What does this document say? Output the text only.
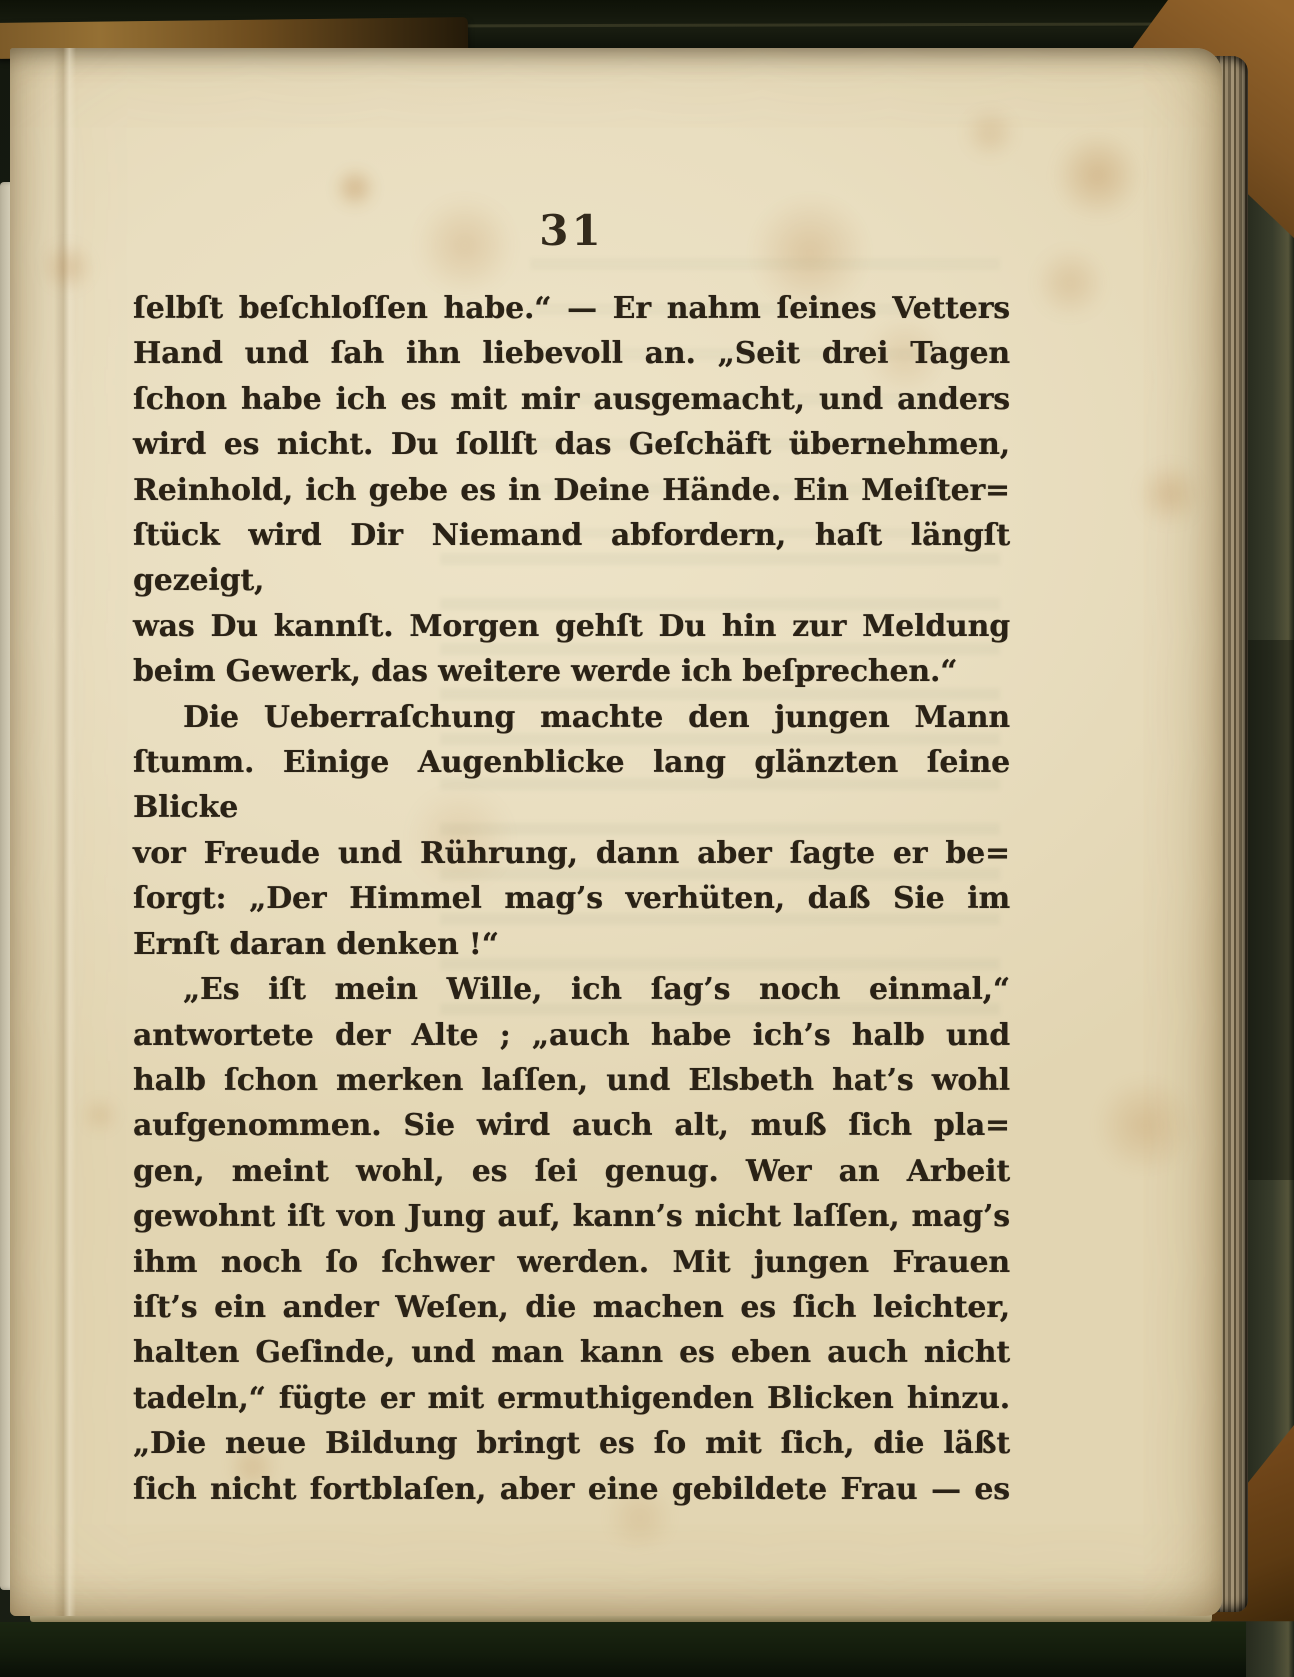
31
ſelbſt beſchloſſen habe.“ — Er nahm ſeines Vetters
Hand und ſah ihn liebevoll an. „Seit drei Tagen
ſchon habe ich es mit mir ausgemacht, und anders
wird es nicht. Du ſollſt das Geſchäft übernehmen,
Reinhold, ich gebe es in Deine Hände. Ein Meiſter=
ſtück wird Dir Niemand abfordern, haſt längſt gezeigt,
was Du kannſt. Morgen gehſt Du hin zur Meldung
beim Gewerk, das weitere werde ich beſprechen.“
Die Ueberraſchung machte den jungen Mann
ſtumm. Einige Augenblicke lang glänzten ſeine Blicke
vor Freude und Rührung, dann aber ſagte er be=
ſorgt: „Der Himmel mag’s verhüten, daß Sie im
Ernſt daran denken !“
„Es iſt mein Wille, ich ſag’s noch einmal,“
antwortete der Alte ; „auch habe ich’s halb und
halb ſchon merken laſſen, und Elsbeth hat’s wohl
aufgenommen. Sie wird auch alt, muß ſich pla=
gen, meint wohl, es ſei genug. Wer an Arbeit
gewohnt iſt von Jung auf, kann’s nicht laſſen, mag’s
ihm noch ſo ſchwer werden. Mit jungen Frauen
iſt’s ein ander Weſen, die machen es ſich leichter,
halten Geſinde, und man kann es eben auch nicht
tadeln,“ fügte er mit ermuthigenden Blicken hinzu.
„Die neue Bildung bringt es ſo mit ſich, die läßt
ſich nicht fortblaſen, aber eine gebildete Frau — es
